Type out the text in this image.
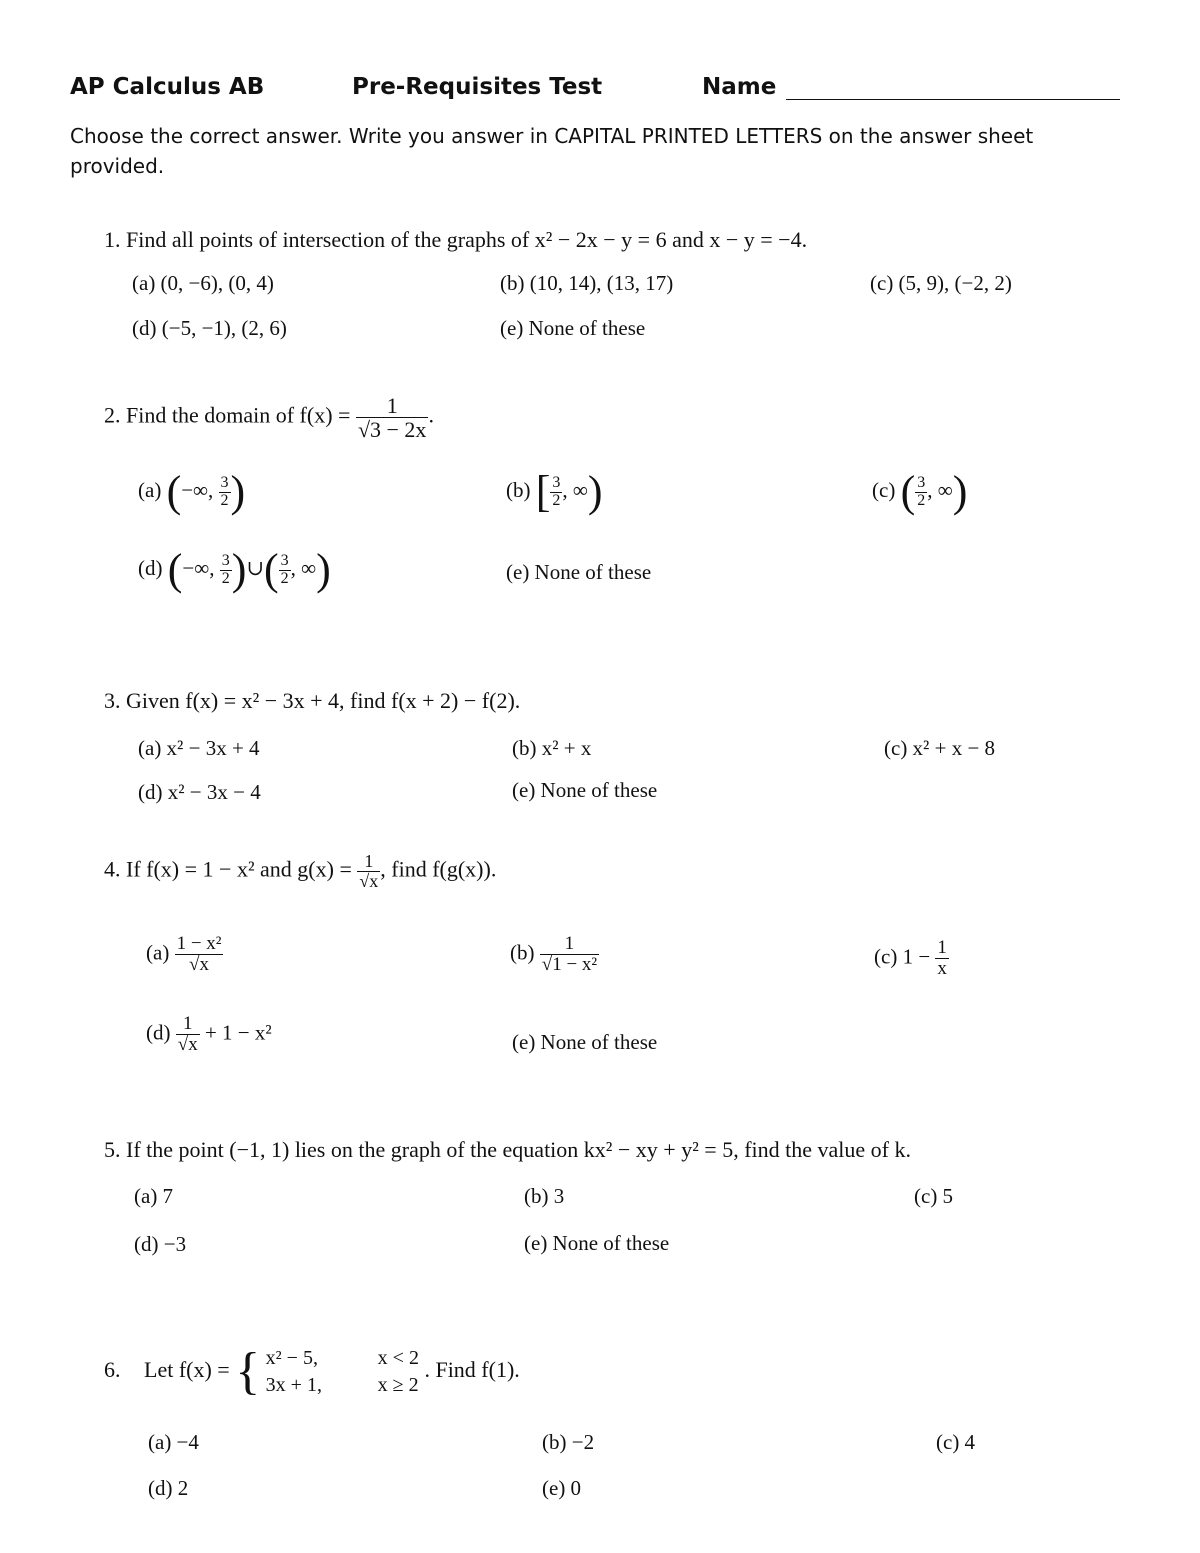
AP Calculus AB	Pre-Requisites Test	Name
Choose the correct answer. Write you answer in CAPITAL PRINTED LETTERS on the answer sheet
provided.
1. Find all points of intersection of the graphs of x² − 2x − y = 6 and x − y = −4.
(a) (0, −6), (0, 4)	(b) (10, 14), (13, 17)	(c) (5, 9), (−2, 2)
(d) (−5, −1), (2, 6)	(e) None of these
2. Find the domain of $f(x) = \frac{1}{√3 - 2x}$ .
(a) (−∞, $\frac{3}{2}$ )	(b) [ $\frac{3}{2}$ , ∞)	(c) ( $\frac{3}{2}$ , ∞)
(d) (−∞, $\frac{3}{2}$ )∪( $\frac{3}{2}$ , ∞)	(e) None of these
3. Given f(x) = x² − 3x + 4, find f(x + 2) − f(2).
(a) x² − 3x + 4	(b) x² + x	(c) x² + x − 8
(d) x² − 3x − 4	(e) None of these
4. If f(x) = 1 − x² and $g(x) = \frac{1}{√x}$ , find f(g(x)).
$(a) \frac{\text{1 − x²}}{√x}$	$(b) \frac{1}{\text{√1 − x²}}$	(c) $1 - \frac{1}{x}$
$(d) \frac{1}{√x} + 1 - x^2$	(e) None of these
5. If the point (−1, 1) lies on the graph of the equation kx² − xy + y² = 5, find the value of k.
(a) 7	(b) 3	(c) 5
(d) −3	(e) None of these
6. Let f(x) = { x² − 5,	x < 2
3x + 1,	x ≥ 2
. Find f(1).
(a) −4	(b) −2	(c) 4
(d) 2	(e) 0
